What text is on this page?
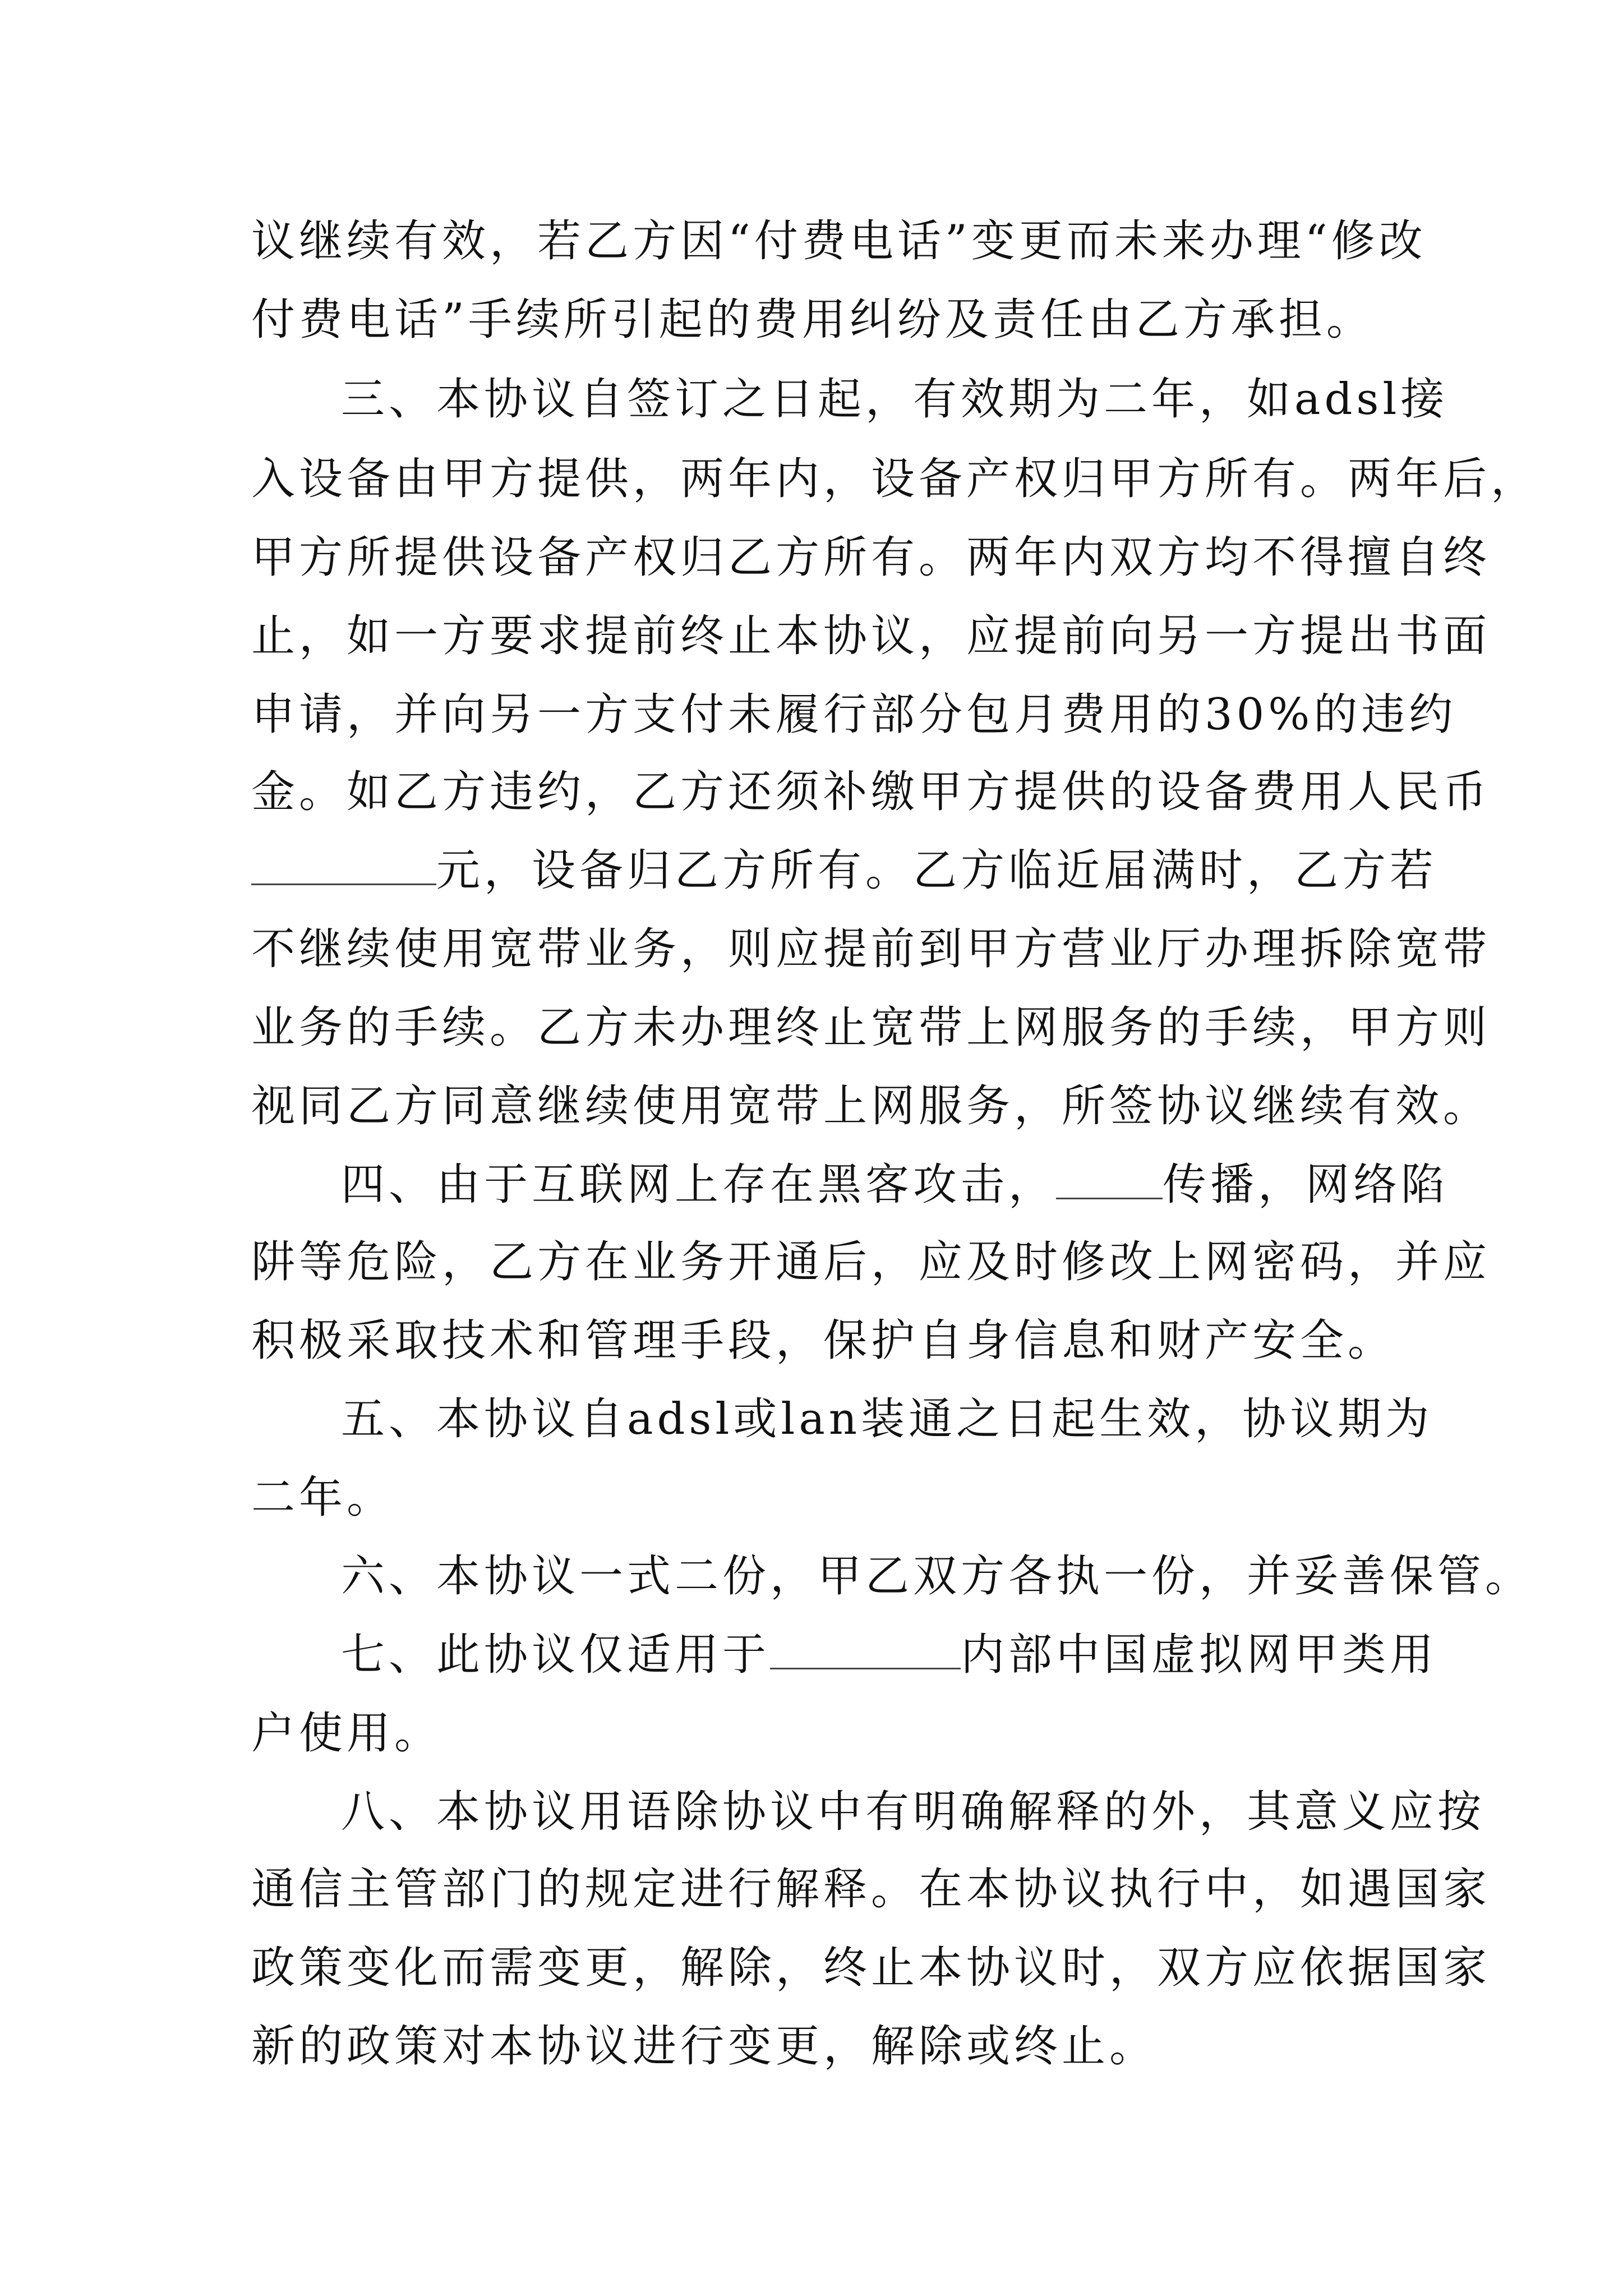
议继续有效，若乙方因“付费电话”变更而未来办理“修改
付费电话”手续所引起的费用纠纷及责任由乙方承担。
三、本协议自签订之日起，有效期为二年，如adsl接
入设备由甲方提供，两年内，设备产权归甲方所有。两年后，
甲方所提供设备产权归乙方所有。两年内双方均不得擅自终
止，如一方要求提前终止本协议，应提前向另一方提出书面
申请，并向另一方支付未履行部分包月费用的30%的违约
金。如乙方违约，乙方还须补缴甲方提供的设备费用人民币
元，设备归乙方所有。乙方临近届满时，乙方若
不继续使用宽带业务，则应提前到甲方营业厅办理拆除宽带
业务的手续。乙方未办理终止宽带上网服务的手续，甲方则
视同乙方同意继续使用宽带上网服务，所签协议继续有效。
四、由于互联网上存在黑客攻击， 传播，网络陷
阱等危险，乙方在业务开通后，应及时修改上网密码，并应
积极采取技术和管理手段，保护自身信息和财产安全。
五、本协议自adsl或lan装通之日起生效，协议期为
二年。
六、本协议一式二份，甲乙双方各执一份，并妥善保管。
七、此协议仅适用于	内部中国虚拟网甲类用
户使用。
八、本协议用语除协议中有明确解释的外，其意义应按
通信主管部门的规定进行解释。在本协议执行中，如遇国家
政策变化而需变更，解除，终止本协议时，双方应依据国家
新的政策对本协议进行变更，解除或终止。
